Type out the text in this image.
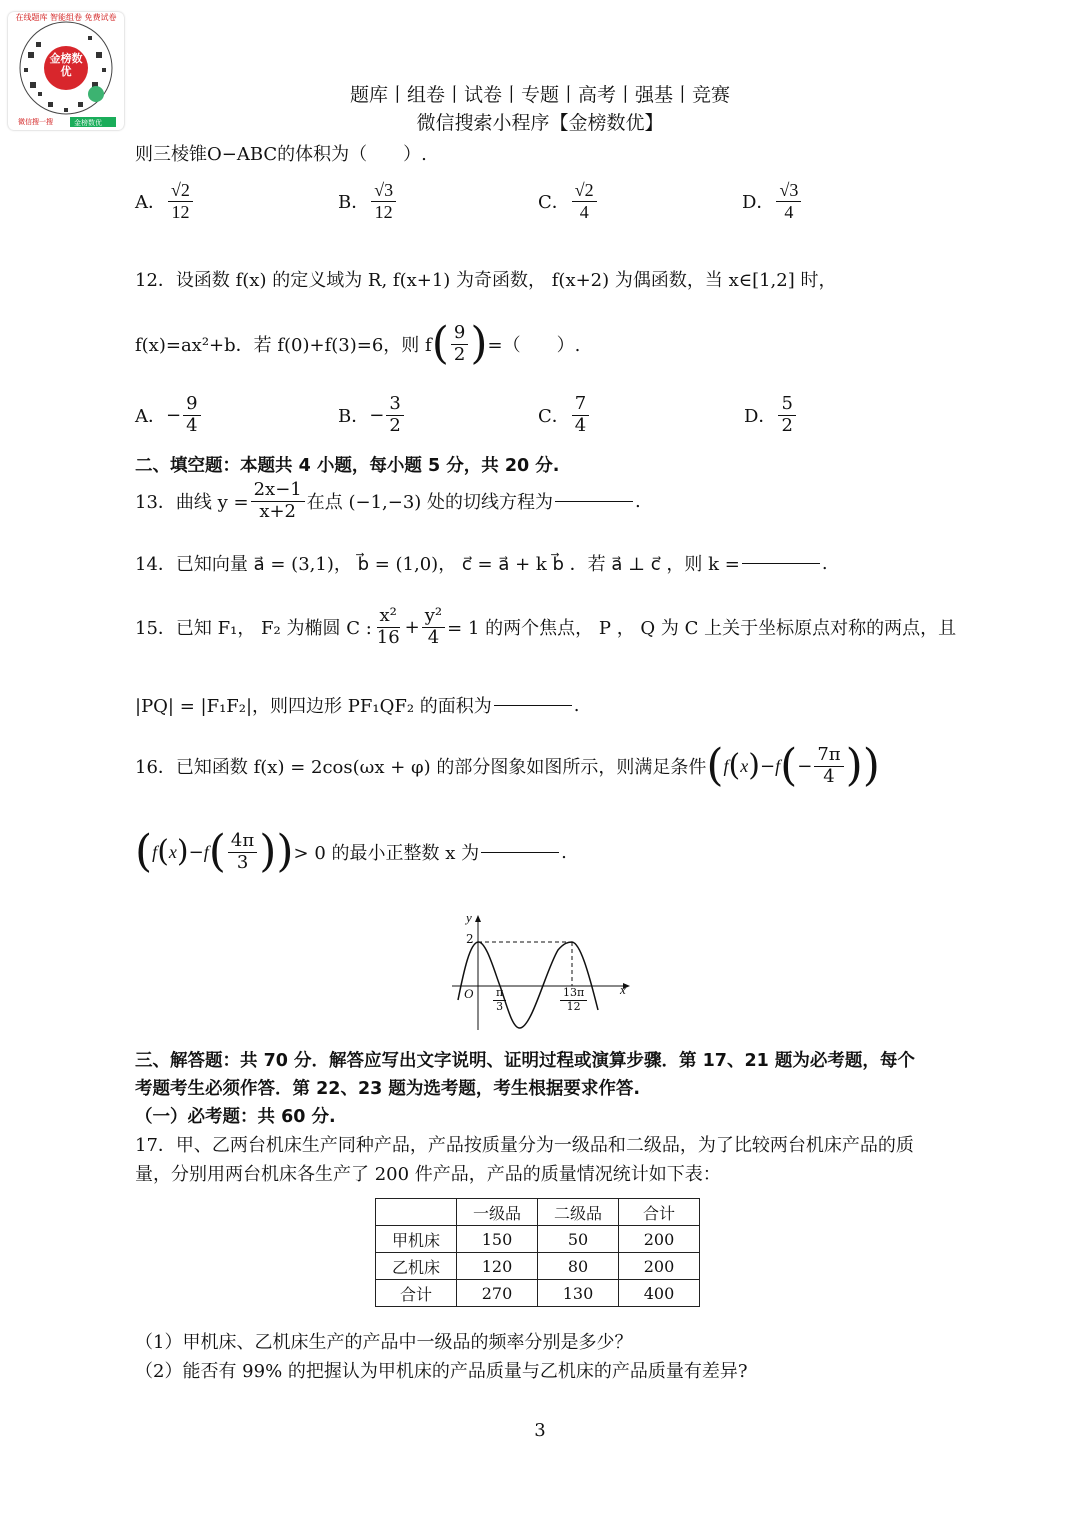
金榜数优
在线题库 智能组卷 免费试卷
微信搜一搜	金榜数优
题库丨组卷丨试卷丨专题丨高考丨强基丨竞赛
微信搜索小程序【金榜数优】
则三棱锥O−ABC的体积为（　　）.
A． $\frac{√2}{12}$	B． $\frac{√3}{12}$	C． $\frac{√2}{4}$	D． $\frac{√3}{4}$
12．设函数 f(x) 的定义域为 R, f(x+1) 为奇函数， f(x+2) 为偶函数，当 x∈[1,2] 时，
f(x)=ax²+b．若 f(0)+f(3)=6，则 f ( $\frac{9}{2}$ ) =（　　）.
A． − $\frac{9}{4}$	B． − $\frac{3}{2}$	C． $\frac{7}{4}$	D． $\frac{5}{2}$
二、填空题：本题共 4 小题，每小题 5 分，共 20 分.
13．曲线 $y = \frac{2x-1}{x+2}$ 在点 (−1,−3) 处的切线方程为	.
14．已知向量 a⃗ = (3,1)， b⃗ = (1,0)， c⃗ = a⃗ + k b⃗ ．若 a⃗ ⊥ c⃗ ，则 k =	.
15．已知 F₁， F₂ 为椭圆 C : $\frac{\text{x²}}{16} + \frac{\text{y²}}{4} = 1$ 的两个焦点， P ， Q 为 C 上关于坐标原点对称的两点，且
|PQ| = |F₁F₂|，则四边形 PF₁QF₂ 的面积为	.
16．已知函数 f(x) = 2cos(ωx + φ) 的部分图象如图所示，则满足条件 ( f ( x ) − f ( − $\frac{7\pi}{4}$ ))
( f ( x ) − f ( $\frac{4\pi}{3}$ )) > 0 的最小正整数 x 为	.
y
x
O
2
$\frac{\pi}{3}$	$\frac{13\pi}{12}$
三、解答题：共 70 分．解答应写出文字说明、证明过程或演算步骤．第 17、21 题为必考题，每个
考题考生必须作答．第 22、23 题为选考题，考生根据要求作答.
（一）必考题：共 60 分.
17．甲、乙两台机床生产同种产品，产品按质量分为一级品和二级品，为了比较两台机床产品的质
量，分别用两台机床各生产了 200 件产品，产品的质量情况统计如下表：
	一级品	二级品	合计
甲机床	150	50	200
乙机床	120	80	200
合计	270	130	400
（1）甲机床、乙机床生产的产品中一级品的频率分别是多少？
（2）能否有 99% 的把握认为甲机床的产品质量与乙机床的产品质量有差异?
3
